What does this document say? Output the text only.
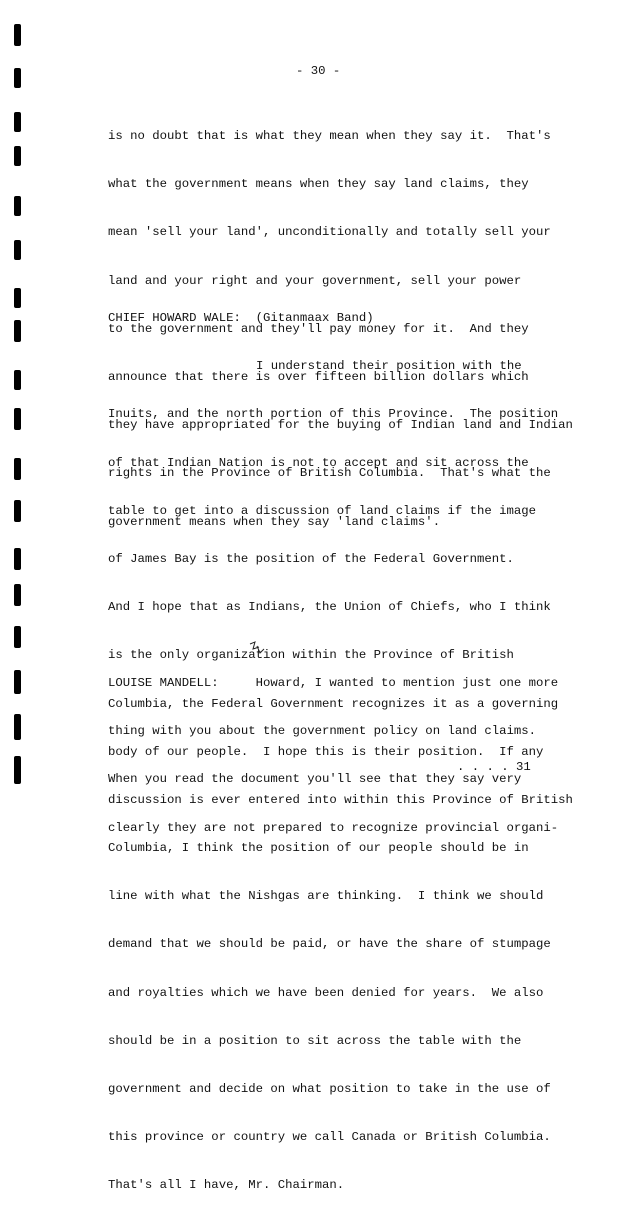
- 30 -

is no doubt that is what they mean when they say it.  That's

what the government means when they say land claims, they

mean 'sell your land', unconditionally and totally sell your

land and your right and your government, sell your power

to the government and they'll pay money for it.  And they

announce that there is over fifteen billion dollars which

they have appropriated for the buying of Indian land and Indian

rights in the Province of British Columbia.  That's what the

government means when they say 'land claims'.

CHIEF HOWARD WALE:  (Gitanmaax Band)

I understand their position with the

Inuits, and the north portion of this Province.  The position

of that Indian Nation is not to accept and sit across the

table to get into a discussion of land claims if the image

of James Bay is the position of the Federal Government.

And I hope that as Indians, the Union of Chiefs, who I think

is the only organization within the Province of British

Columbia, the Federal Government recognizes it as a governing

body of our people.  I hope this is their position.  If any

discussion is ever entered into within this Province of British

Columbia, I think the position of our people should be in

line with what the Nishgas are thinking.  I think we should

demand that we should be paid, or have the share of stumpage

and royalties which we have been denied for years.  We also

should be in a position to sit across the table with the

government and decide on what position to take in the use of

this province or country we call Canada or British Columbia.

That's all I have, Mr. Chairman.

LOUISE MANDELL:     Howard, I wanted to mention just one more

thing with you about the government policy on land claims.

When you read the document you'll see that they say very

clearly they are not prepared to recognize provincial organi-

. . . . 31
